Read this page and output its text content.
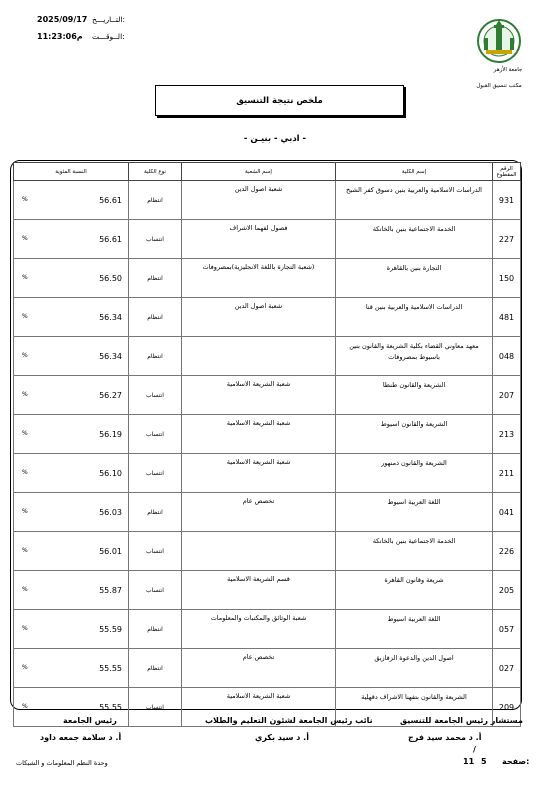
2025/09/17 التــاريـــخ:
11:23:06م الــوقـــت:
جامعة الأزهر
مكتب تنسيق القبول
ملخص نتيجة التنسيق
- ادبي - بنيـن -
الرقم المقطوع	إسم الكلية	إسم الشعبة	نوع الكلية	النسبة المئوية
931	الدراسات الاسلامية والعربية بنين دسوق كفر الشيخ	شعبة اصول الدين	انتظام	% 56.61

227	الخدمة الاجتماعية بنين بالخانكة	فصول لفهما الاشراف	انتساب	% 56.61

150	التجارة بنين بالقاهرة	(شعبة التجارة باللغة الانجليزية)بمصروفات	انتظام	% 56.50

481	الدراسات الاسلامية والعربية بنين قنا	شعبة اصول الدين	انتظام	% 56.34

048	معهد معاوني القضاء بكلية الشريعة والقانون بنين باسيوط بمصروفات		انتظام	% 56.34

207	الشريعة والقانون طنطا	شعبة الشريعة الاسلامية	انتساب	% 56.27

213	الشريعة والقانون اسيوط	شعبة الشريعة الاسلامية	انتساب	% 56.19

211	الشريعة والقانون دمنهور	شعبة الشريعة الاسلامية	انتساب	% 56.10

041	اللغة العربية اسيوط	تخصص عام	انتظام	% 56.03

226	الخدمة الاجتماعية بنين بالخانكة		انتساب	% 56.01

205	شريعة وقانون القاهرة	قسم الشريعة الاسلامية	انتساب	% 55.87

057	اللغة العربية اسيوط	شعبة الوثائق والمكتبات والمعلومات	انتظام	% 55.59

027	اصول الدين والدعوة الزقازيق	تخصص عام	انتظام	% 55.55

209	الشريعة والقانون بتفهنا الاشراف دقهلية	شعبة الشريعة الاسلامية	انتساب	% 55.55
مستشار رئيس الجامعة للتنسيق
أ. د محمد سيد فرج
نائب رئيس الجامعة لشئون التعليم والطلاب
أ. د سيد بكري
رئيس الجامعة
أ. د سلامة جمعه داود
وحدة النظم المعلومات و الشبكات
/
11 5 صفحة:
